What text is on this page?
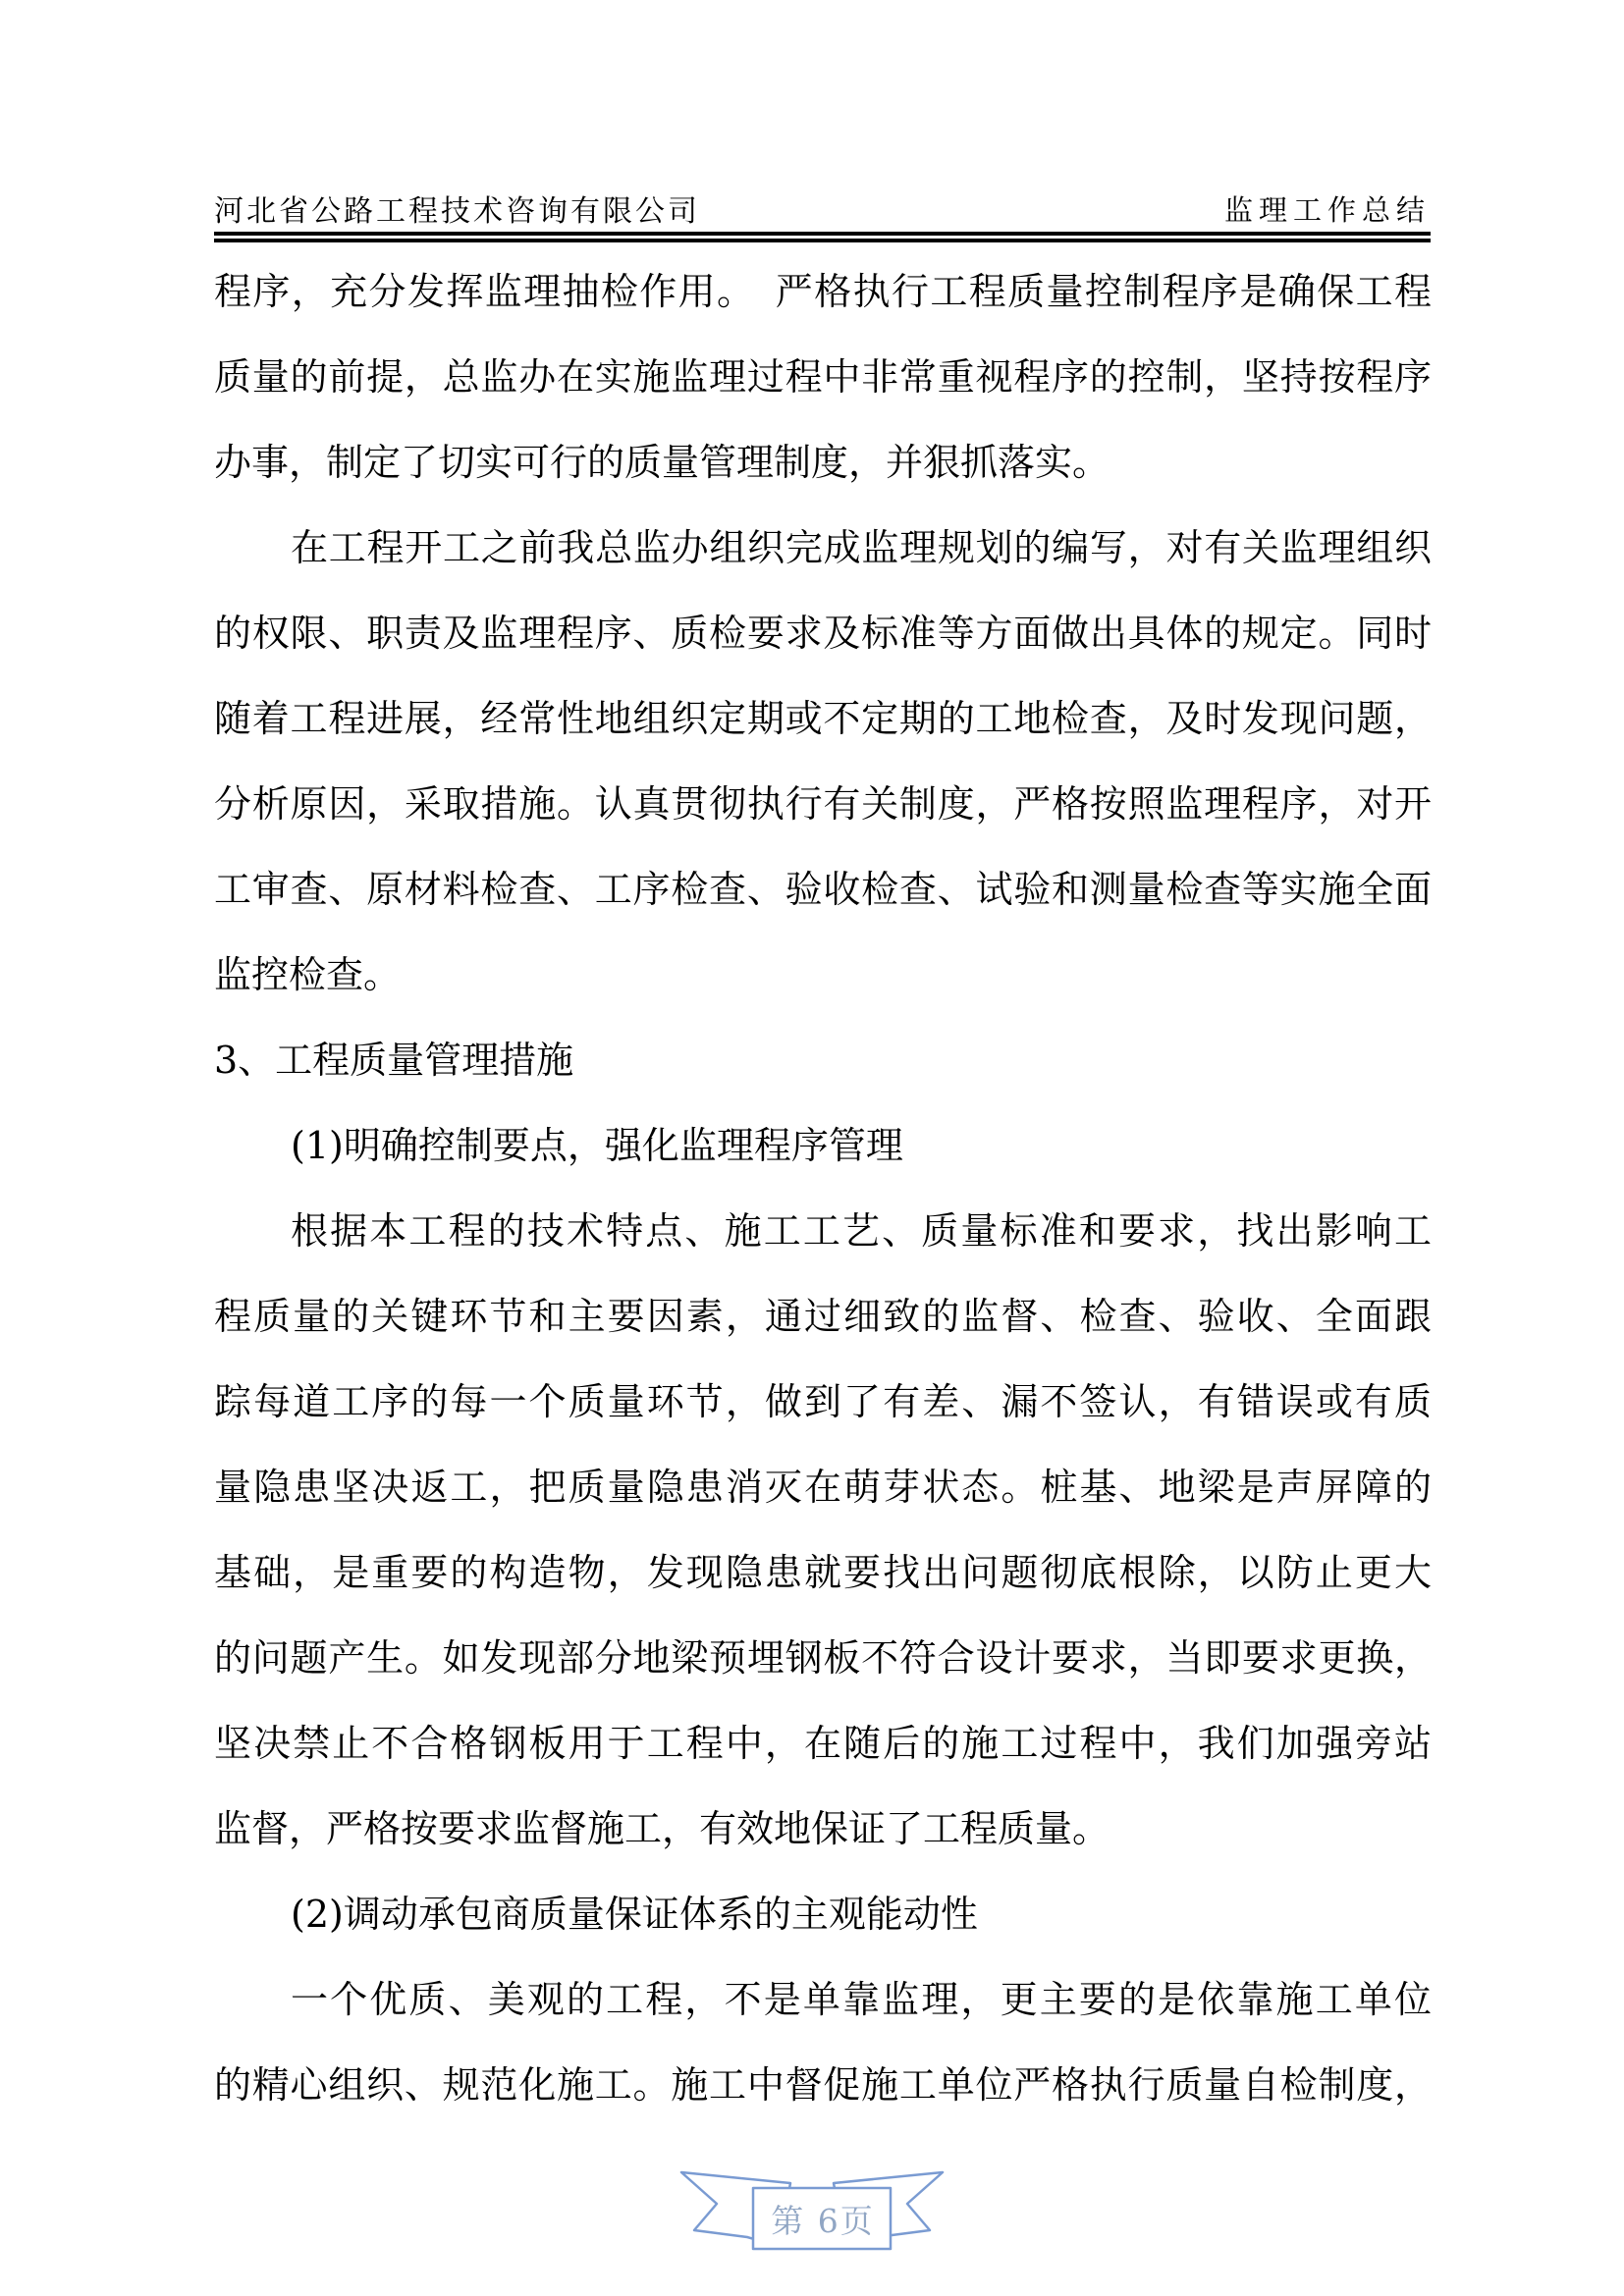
河北省公路工程技术咨询有限公司	监理工作总结
程序，充分发挥监理抽检作用。　严格执行工程质量控制程序是确保工程
质量的前提，总监办在实施监理过程中非常重视程序的控制，坚持按程序
办事，制定了切实可行的质量管理制度，并狠抓落实。
在工程开工之前我总监办组织完成监理规划的编写，对有关监理组织
的权限、职责及监理程序、质检要求及标准等方面做出具体的规定。同时
随着工程进展，经常性地组织定期或不定期的工地检查，及时发现问题，
分析原因，采取措施。认真贯彻执行有关制度，严格按照监理程序，对开
工审查、原材料检查、工序检查、验收检查、试验和测量检查等实施全面
监控检查。
3、工程质量管理措施
(1)明确控制要点，强化监理程序管理
根据本工程的技术特点、施工工艺、质量标准和要求，找出影响工
程质量的关键环节和主要因素，通过细致的监督、检查、验收、全面跟
踪每道工序的每一个质量环节，做到了有差、漏不签认，有错误或有质
量隐患坚决返工，把质量隐患消灭在萌芽状态。桩基、地梁是声屏障的
基础，是重要的构造物，发现隐患就要找出问题彻底根除，以防止更大
的问题产生。如发现部分地梁预埋钢板不符合设计要求，当即要求更换，
坚决禁止不合格钢板用于工程中，在随后的施工过程中，我们加强旁站
监督，严格按要求监督施工，有效地保证了工程质量。
(2)调动承包商质量保证体系的主观能动性
一个优质、美观的工程，不是单靠监理，更主要的是依靠施工单位
的精心组织、规范化施工。施工中督促施工单位严格执行质量自检制度，
第 6页
